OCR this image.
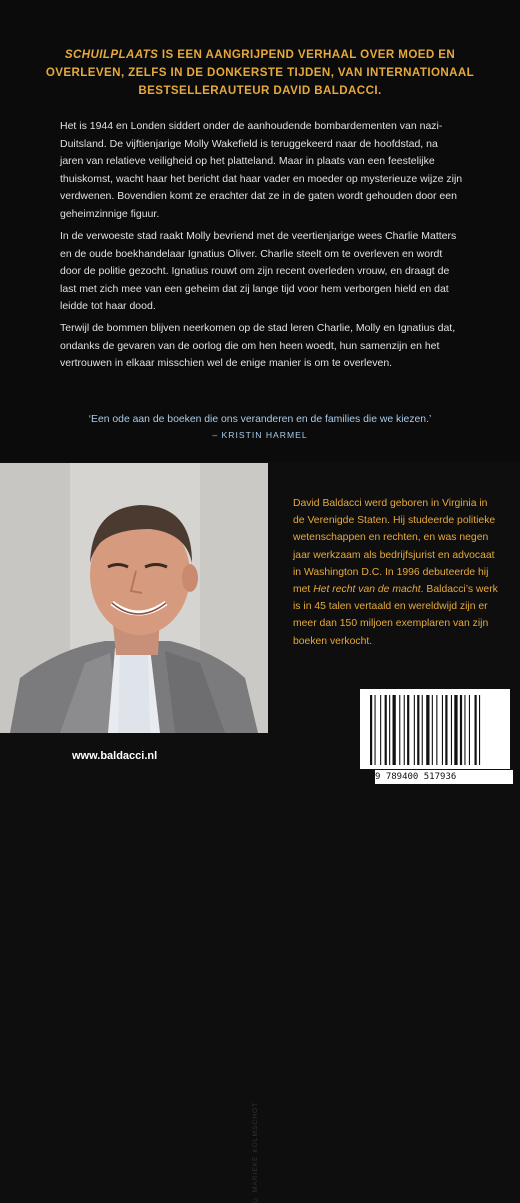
SCHUILPLAATS IS EEN AANGRIJPEND VERHAAL OVER MOED EN OVERLEVEN, ZELFS IN DE DONKERSTE TIJDEN, VAN INTERNATIONAAL BESTSELLERAUTEUR DAVID BALDACCI.
Het is 1944 en Londen siddert onder de aanhoudende bombardementen van nazi-Duitsland. De vijftienjarige Molly Wakefield is teruggekeerd naar de hoofdstad, na jaren van relatieve veiligheid op het platteland. Maar in plaats van een feestelijke thuiskomst, wacht haar het bericht dat haar vader en moeder op mysterieuze wijze zijn verdwenen. Bovendien komt ze erachter dat ze in de gaten wordt gehouden door een geheimzinnige figuur.
In de verwoeste stad raakt Molly bevriend met de veertienjarige wees Charlie Matters en de oude boekhandelaar Ignatius Oliver. Charlie steelt om te overleven en wordt door de politie gezocht. Ignatius rouwt om zijn recent overleden vrouw, en draagt de last met zich mee van een geheim dat zij lange tijd voor hem verborgen hield en dat leidde tot haar dood.
Terwijl de bommen blijven neerkomen op de stad leren Charlie, Molly en Ignatius dat, ondanks de gevaren van de oorlog die om hen heen woedt, hun samenzijn en het vertrouwen in elkaar misschien wel de enige manier is om te overleven.
‘Een ode aan de boeken die ons veranderen en de families die we kiezen.’
– KRISTIN HARMEL
© MARIEKE KOLMSCHOT
David Baldacci werd geboren in Virginia in de Verenigde Staten. Hij studeerde politieke wetenschappen en rechten, en was negen jaar werkzaam als bedrijfsjurist en advocaat in Washington D.C. In 1996 debuteerde hij met Het recht van de macht. Baldacci’s werk is in 45 talen vertaald en wereldwijd zijn er meer dan 150 miljoen exemplaren van zijn boeken verkocht.
www.baldacci.nl
9 789400 517936
